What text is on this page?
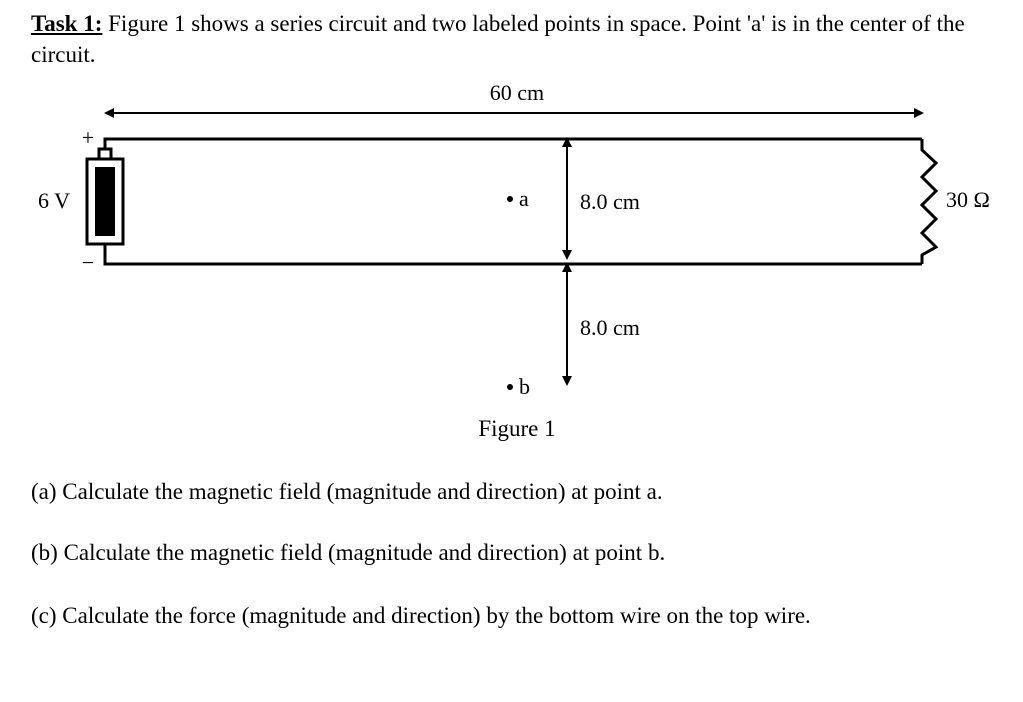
Task 1: Figure 1 shows a series circuit and two labeled points in space. Point 'a' is in the center of the circuit.
60 cm
30 Ω
+
−
6 V	a 8.0 cm
8.0 cm
b
Figure 1
(a) Calculate the magnetic field (magnitude and direction) at point a.
(b) Calculate the magnetic field (magnitude and direction) at point b.
(c) Calculate the force (magnitude and direction) by the bottom wire on the top wire.
